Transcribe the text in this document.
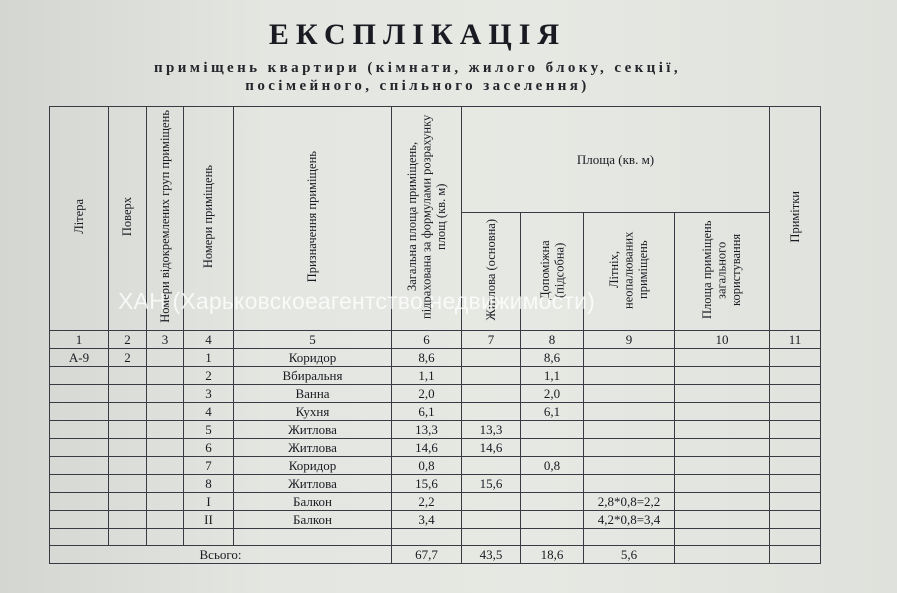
ЕКСПЛІКАЦІЯ
приміщень квартири (кімнати, жилого блоку, секції,
посімейного, спільного заселення)
Літера	Поверх	Номери відокремлених груп приміщень	Номери приміщень	Призначення приміщень	Загальна площа приміщень, підрахована за формулами розрахунку площ (кв. м)	Площа (кв. м)				Примітки
						Житлова (основна)	Допоміжна (підсобна)	Літніх, неопалюваних приміщень	Площа приміщень загального користування	
1	2	3	4	5	6	7	8	9	10	11
А-9	2		1	Коридор	8,6		8,6			
			2	Вбиральня	1,1		1,1			
			3	Ванна	2,0		2,0			
			4	Кухня	6,1		6,1			
			5	Житлова	13,3	13,3				
			6	Житлова	14,6	14,6				
			7	Коридор	0,8		0,8			
			8	Житлова	15,6	15,6				
			I	Балкон	2,2			2,8*0,8=2,2		
			II	Балкон	3,4			4,2*0,8=3,4		

Всього:					67,7	43,5	18,6	5,6		
ХАН (Харьковскоеагентство недвижимости)
